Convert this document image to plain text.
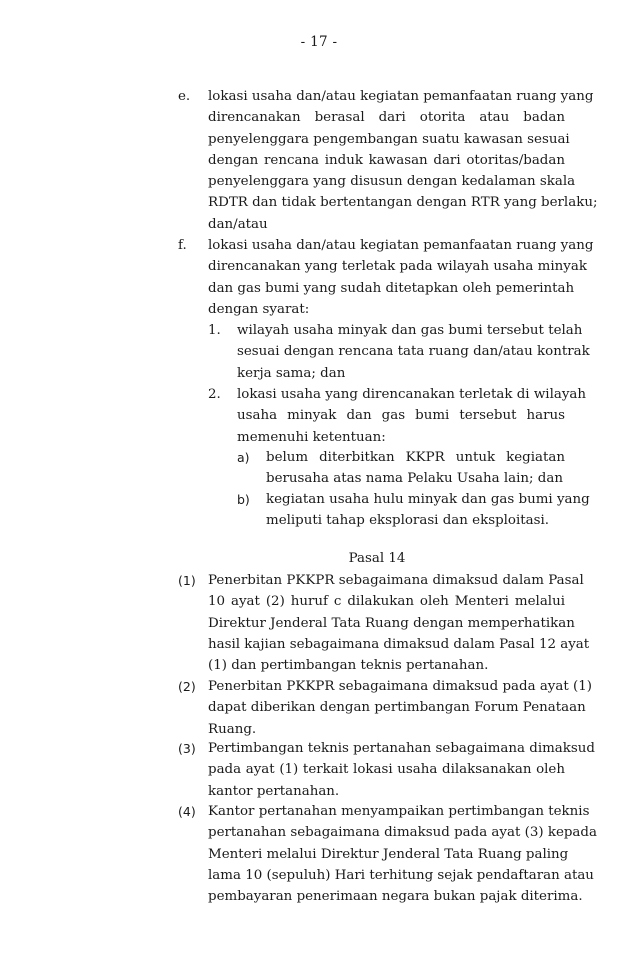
- 17 -
e. lokasi usaha dan/atau kegiatan pemanfaatan ruang yang
direncanakan berasal dari otorita atau badan
penyelenggara pengembangan suatu kawasan sesuai
dengan rencana induk kawasan dari otoritas/badan
penyelenggara yang disusun dengan kedalaman skala
RDTR dan tidak bertentangan dengan RTR yang berlaku;
dan/atau
f. lokasi usaha dan/atau kegiatan pemanfaatan ruang yang
direncanakan yang terletak pada wilayah usaha minyak
dan gas bumi yang sudah ditetapkan oleh pemerintah
dengan syarat:
1. wilayah usaha minyak dan gas bumi tersebut telah
sesuai dengan rencana tata ruang dan/atau kontrak
kerja sama; dan
2. lokasi usaha yang direncanakan terletak di wilayah
usaha minyak dan gas bumi tersebut harus
memenuhi ketentuan:
a) belum diterbitkan KKPR untuk kegiatan
berusaha atas nama Pelaku Usaha lain; dan
b) kegiatan usaha hulu minyak dan gas bumi yang
meliputi tahap eksplorasi dan eksploitasi.
Pasal 14
(1) Penerbitan PKKPR sebagaimana dimaksud dalam Pasal
10 ayat (2) huruf c dilakukan oleh Menteri melalui
Direktur Jenderal Tata Ruang dengan memperhatikan
hasil kajian sebagaimana dimaksud dalam Pasal 12 ayat
(1) dan pertimbangan teknis pertanahan.
(2) Penerbitan PKKPR sebagaimana dimaksud pada ayat (1)
dapat diberikan dengan pertimbangan Forum Penataan
Ruang.
(3) Pertimbangan teknis pertanahan sebagaimana dimaksud
pada ayat (1) terkait lokasi usaha dilaksanakan oleh
kantor pertanahan.
(4) Kantor pertanahan menyampaikan pertimbangan teknis
pertanahan sebagaimana dimaksud pada ayat (3) kepada
Menteri melalui Direktur Jenderal Tata Ruang paling
lama 10 (sepuluh) Hari terhitung sejak pendaftaran atau
pembayaran penerimaan negara bukan pajak diterima.
